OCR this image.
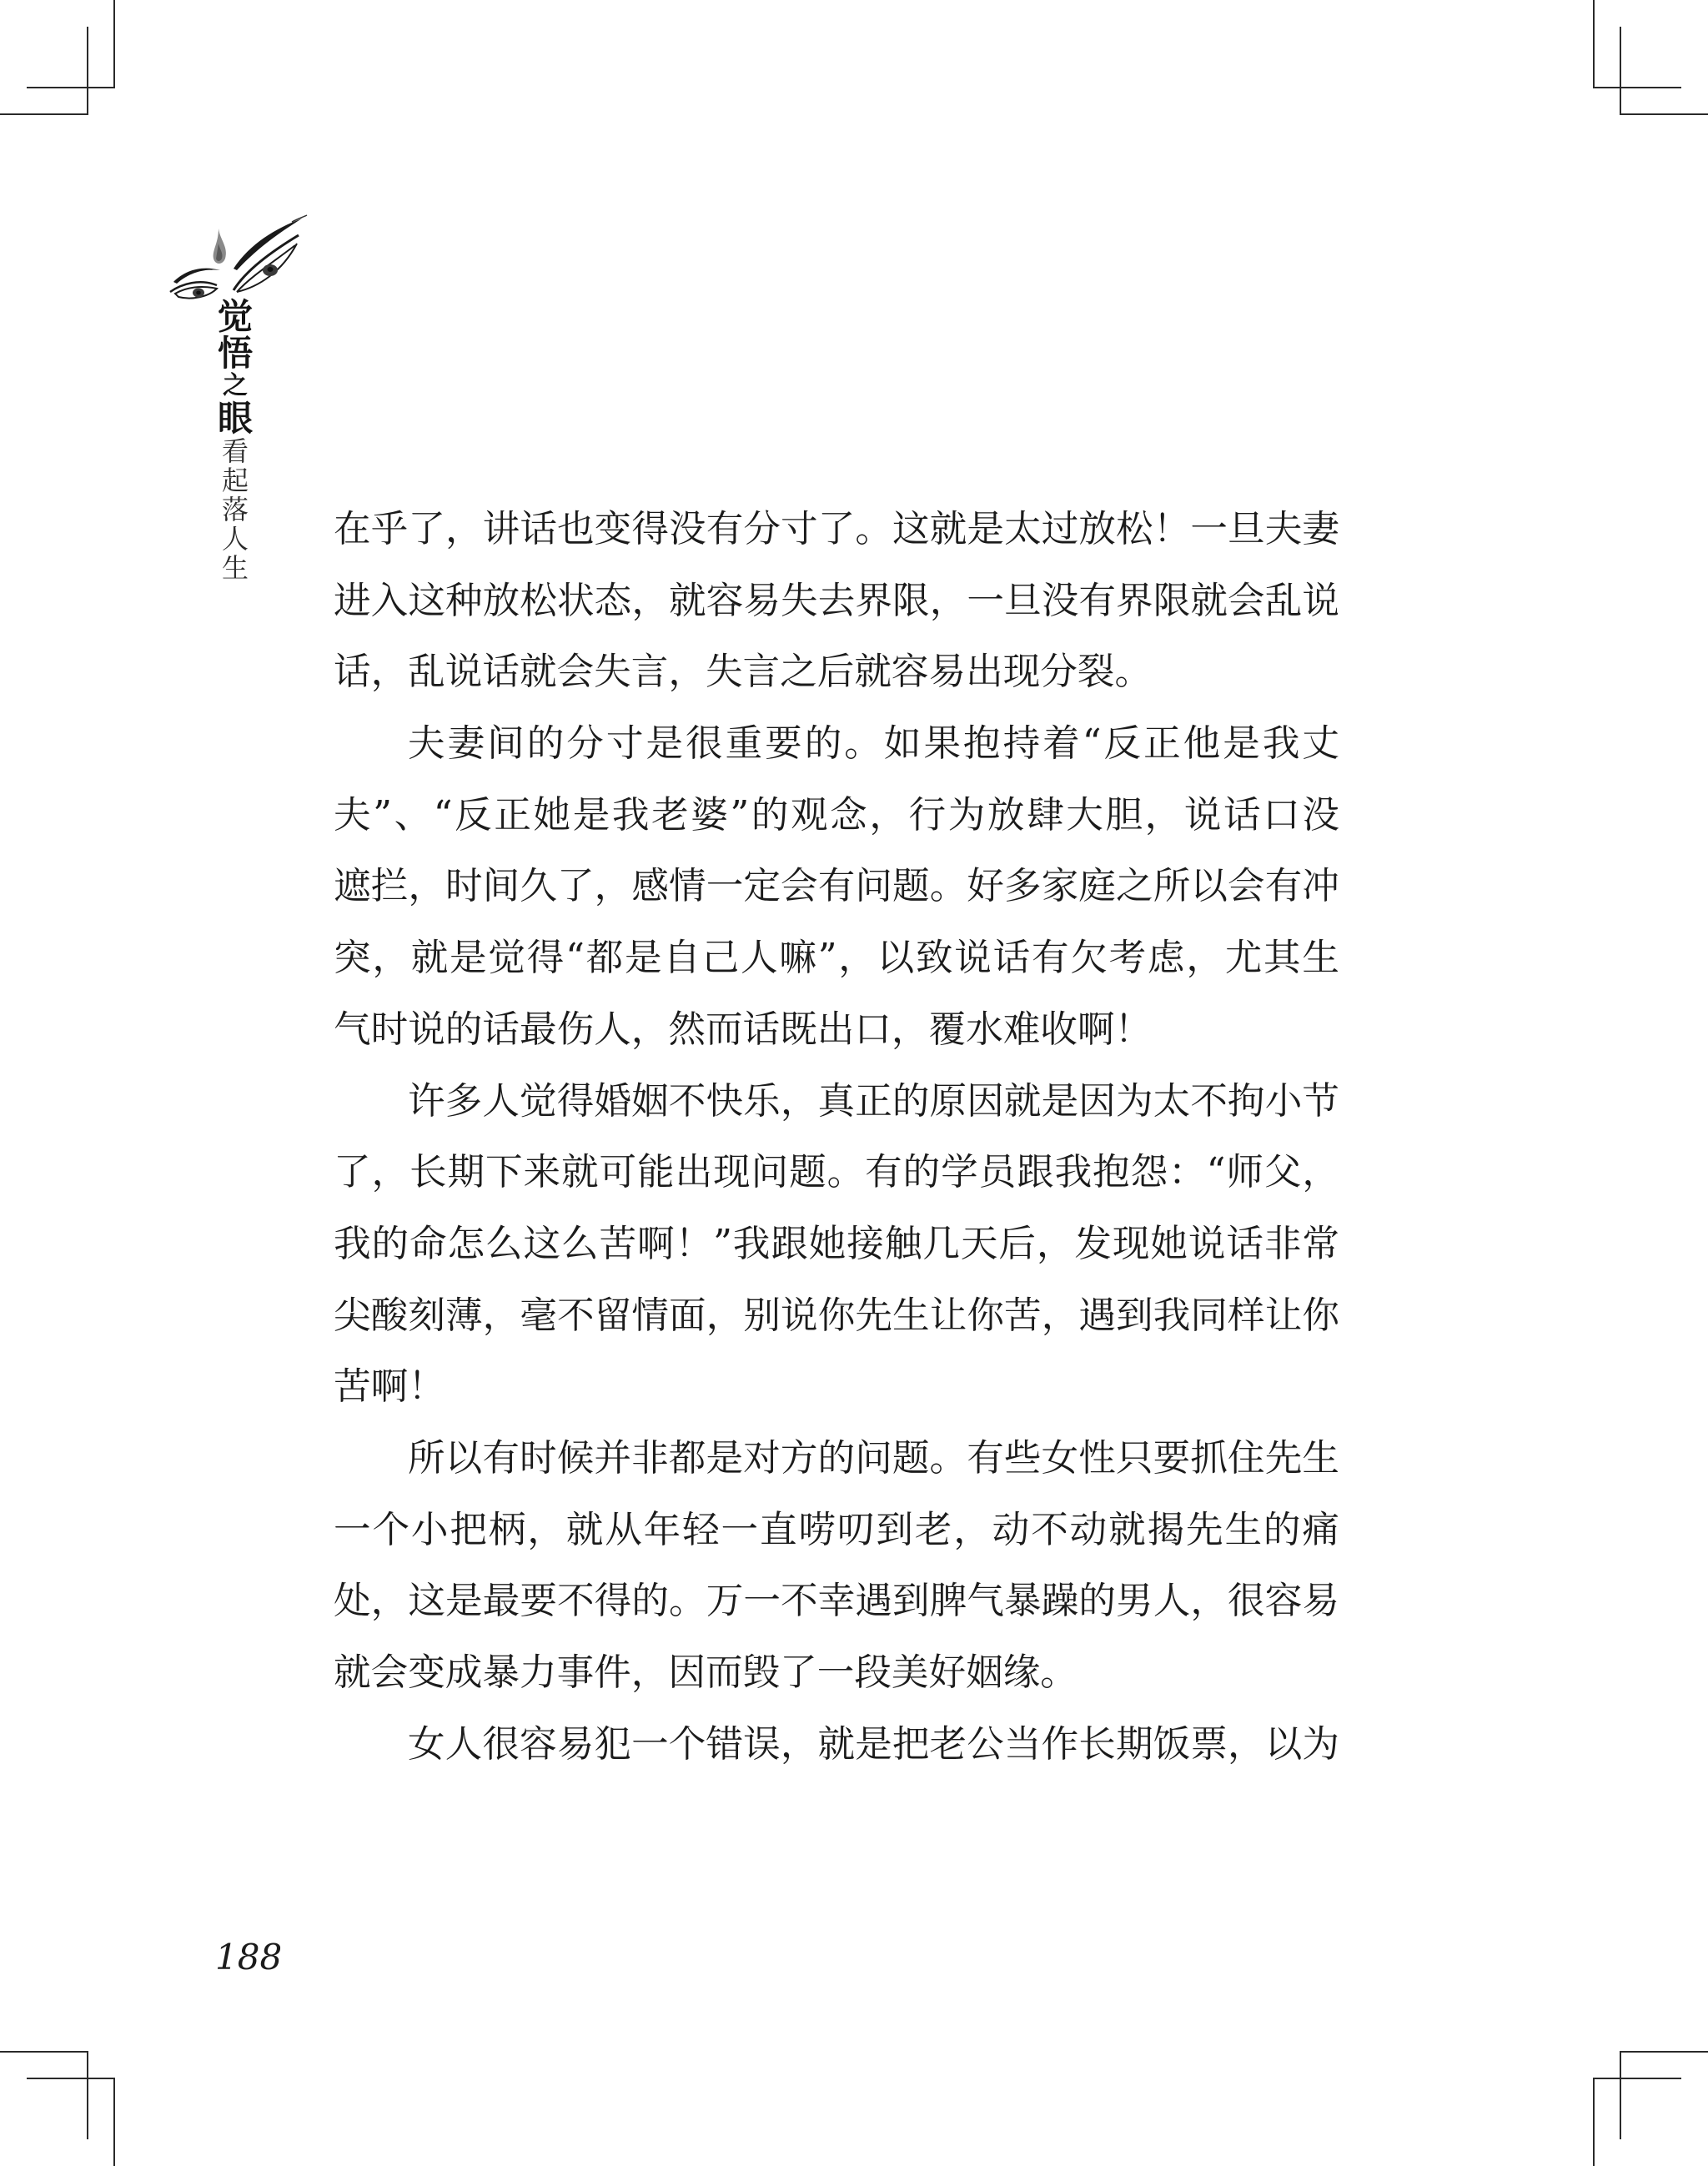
觉
悟
之
眼
看
起
落
人
生
在乎了，讲话也变得没有分寸了。这就是太过放松！一旦夫妻
进入这种放松状态，就容易失去界限，一旦没有界限就会乱说
话，乱说话就会失言，失言之后就容易出现分裂。
夫妻间的分寸是很重要的。如果抱持着“反正他是我丈
夫”、“反正她是我老婆”的观念，行为放肆大胆，说话口没
遮拦，时间久了，感情一定会有问题。好多家庭之所以会有冲
突，就是觉得“都是自己人嘛”，以致说话有欠考虑，尤其生
气时说的话最伤人，然而话既出口，覆水难收啊！
许多人觉得婚姻不快乐，真正的原因就是因为太不拘小节
了，长期下来就可能出现问题。有的学员跟我抱怨：“师父，
我的命怎么这么苦啊！”我跟她接触几天后，发现她说话非常
尖酸刻薄，毫不留情面，别说你先生让你苦，遇到我同样让你
苦啊！
所以有时候并非都是对方的问题。有些女性只要抓住先生
一个小把柄，就从年轻一直唠叨到老，动不动就揭先生的痛
处，这是最要不得的。万一不幸遇到脾气暴躁的男人，很容易
就会变成暴力事件，因而毁了一段美好姻缘。
女人很容易犯一个错误，就是把老公当作长期饭票，以为
188
